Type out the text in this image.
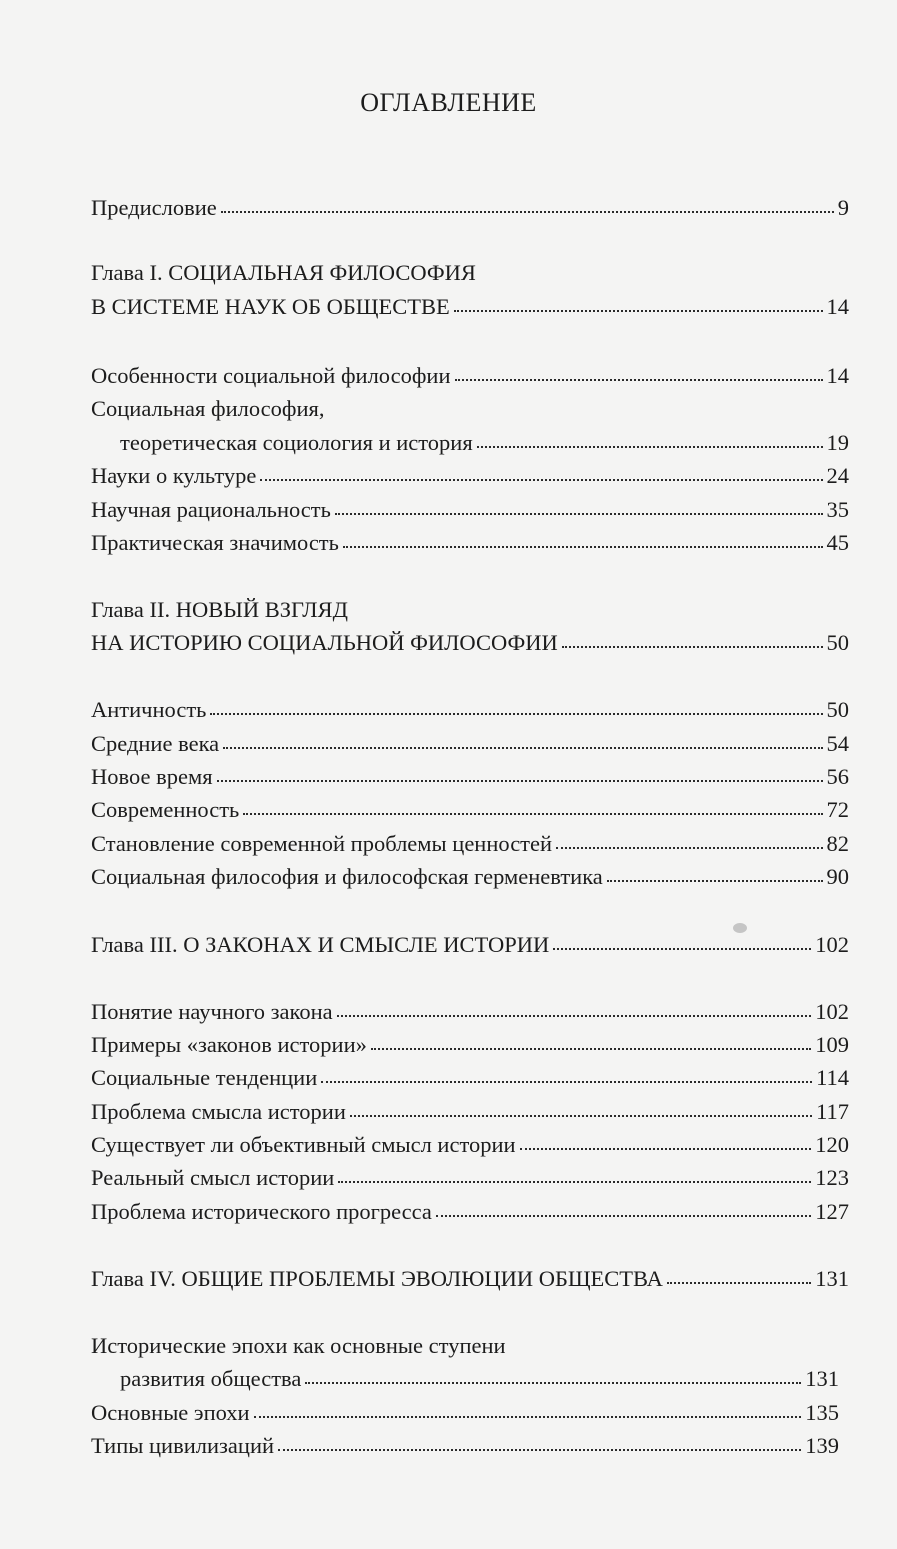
ОГЛАВЛЕНИЕ
Предисловие	9
Глава I. СОЦИАЛЬНАЯ ФИЛОСОФИЯ
В СИСТЕМЕ НАУК ОБ ОБЩЕСТВЕ	14
Особенности социальной философии	14
Социальная философия,
теоретическая социология и история	19
Науки о культуре	24
Научная рациональность	35
Практическая значимость	45
Глава II. НОВЫЙ ВЗГЛЯД
НА ИСТОРИЮ СОЦИАЛЬНОЙ ФИЛОСОФИИ	50
Античность	50
Средние века	54
Новое время	56
Современность	72
Становление современной проблемы ценностей	82
Социальная философия и философская герменевтика	90
Глава III. О ЗАКОНАХ И СМЫСЛЕ ИСТОРИИ	102
Понятие научного закона	102
Примеры «законов истории»	109
Социальные тенденции	114
Проблема смысла истории	117
Существует ли объективный смысл истории	120
Реальный смысл истории	123
Проблема исторического прогресса	127
Глава IV. ОБЩИЕ ПРОБЛЕМЫ ЭВОЛЮЦИИ ОБЩЕСТВА	131
Исторические эпохи как основные ступени
развития общества	131
Основные эпохи	135
Типы цивилизаций	139
